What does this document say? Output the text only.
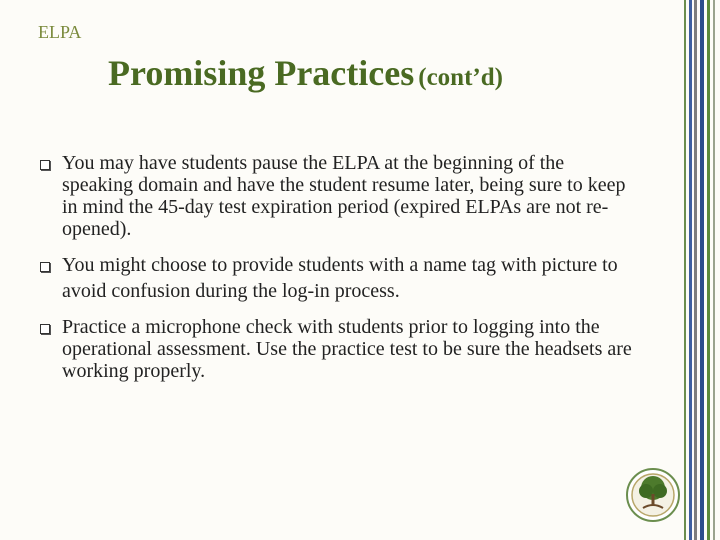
ELPA
Promising Practices (cont’d)
You may have students pause the ELPA at the beginning of the speaking domain and have the student resume later, being sure to keep in mind the 45-day test expiration period (expired ELPAs are not re-opened).
You might choose to provide students with a name tag with picture to avoid confusion during the log-in process.
Practice a microphone check with students prior to logging into the operational assessment. Use the practice test to be sure the headsets are working properly.
